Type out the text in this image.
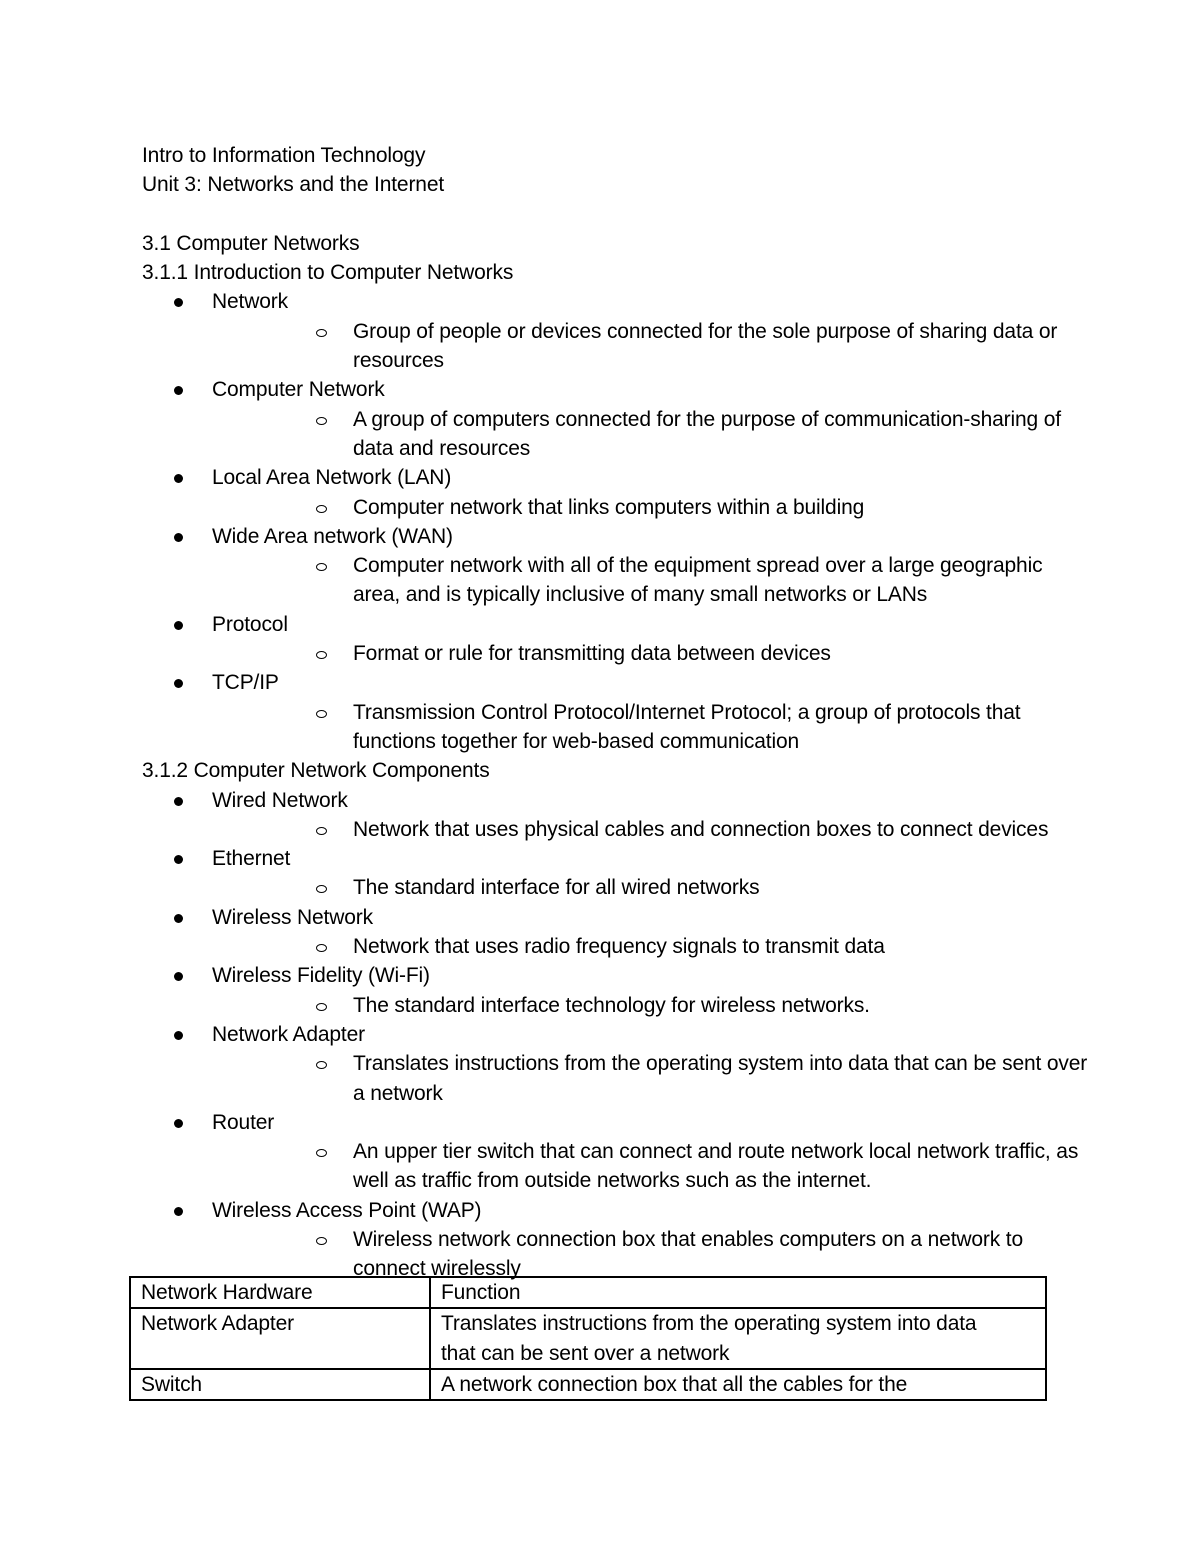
Intro to Information Technology

Unit 3: Networks and the Internet

3.1 Computer Networks

3.1.1 Introduction to Computer Networks

Network
Group of people or devices connected for the sole purpose of sharing data or
resources
Computer Network
A group of computers connected for the purpose of communication-sharing of
data and resources
Local Area Network (LAN)
Computer network that links computers within a building
Wide Area network (WAN)
Computer network with all of the equipment spread over a large geographic
area, and is typically inclusive of many small networks or LANs
Protocol
Format or rule for transmitting data between devices
TCP/IP
Transmission Control Protocol/Internet Protocol; a group of protocols that
functions together for web-based communication

3.1.2 Computer Network Components

Wired Network
Network that uses physical cables and connection boxes to connect devices
Ethernet
The standard interface for all wired networks
Wireless Network
Network that uses radio frequency signals to transmit data
Wireless Fidelity (Wi-Fi)
The standard interface technology for wireless networks.
Network Adapter
Translates instructions from the operating system into data that can be sent over
a network
Router
An upper tier switch that can connect and route network local network traffic, as
well as traffic from outside networks such as the internet.
Wireless Access Point (WAP)
Wireless network connection box that enables computers on a network to
connect wirelessly
Network Hardware	Function
Network Adapter	Translates instructions from the operating system into data
that can be sent over a network

Switch	A network connection box that all the cables for the
